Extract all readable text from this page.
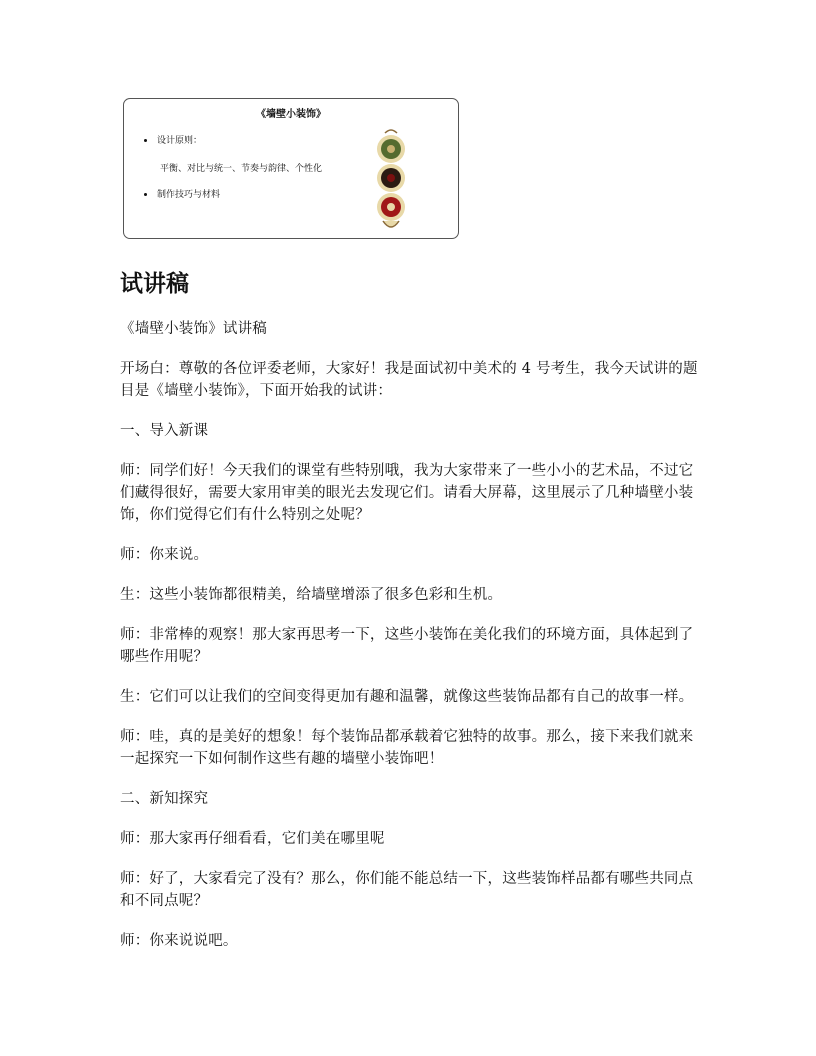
《墙壁小装饰》
设计原则：
平衡、对比与统一、节奏与韵律、个性化
制作技巧与材料
试讲稿

《墙壁小装饰》试讲稿

开场白：尊敬的各位评委老师，大家好！我是面试初中美术的 4 号考生，我今天试讲的题目是《墙壁小装饰》，下面开始我的试讲：

一、导入新课

师：同学们好！今天我们的课堂有些特别哦，我为大家带来了一些小小的艺术品，不过它们藏得很好，需要大家用审美的眼光去发现它们。请看大屏幕，这里展示了几种墙壁小装饰，你们觉得它们有什么特别之处呢？

师：你来说。

生：这些小装饰都很精美，给墙壁增添了很多色彩和生机。

师：非常棒的观察！那大家再思考一下，这些小装饰在美化我们的环境方面，具体起到了哪些作用呢？

生：它们可以让我们的空间变得更加有趣和温馨，就像这些装饰品都有自己的故事一样。

师：哇，真的是美好的想象！每个装饰品都承载着它独特的故事。那么，接下来我们就来一起探究一下如何制作这些有趣的墙壁小装饰吧！

二、新知探究

师：那大家再仔细看看，它们美在哪里呢

师：好了，大家看完了没有？那么，你们能不能总结一下，这些装饰样品都有哪些共同点和不同点呢？

师：你来说说吧。
